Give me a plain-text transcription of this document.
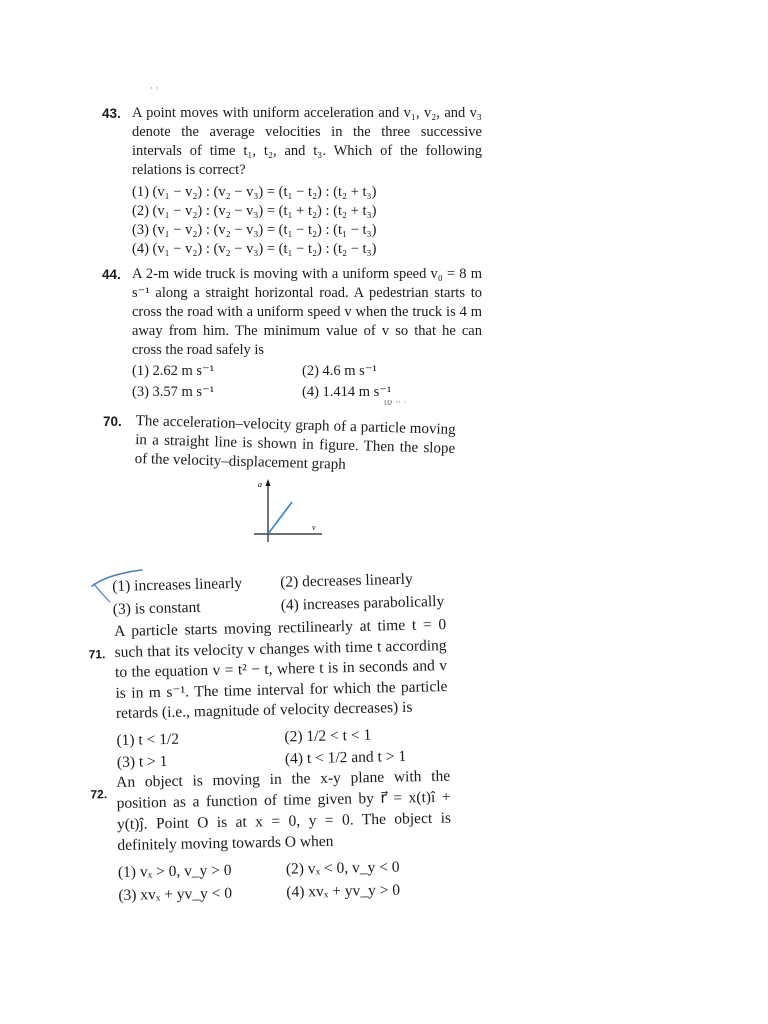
· ·
ιυ ·· ·
43. A point moves with uniform acceleration and v₁, v₂, and v₃ denote the average velocities in the three successive intervals of time t₁, t₂, and t₃. Which of the following relations is correct?
(1) (v₁ − v₂) : (v₂ − v₃) = (t₁ − t₂) : (t₂ + t₃)
(2) (v₁ − v₂) : (v₂ − v₃) = (t₁ + t₂) : (t₂ + t₃)
(3) (v₁ − v₂) : (v₂ − v₃) = (t₁ − t₂) : (t₁ − t₃)
(4) (v₁ − v₂) : (v₂ − v₃) = (t₁ − t₂) : (t₂ − t₃)
44. A 2-m wide truck is moving with a uniform speed v₀ = 8 m s⁻¹ along a straight horizontal road. A pedestrian starts to cross the road with a uniform speed v when the truck is 4 m away from him. The minimum value of v so that he can cross the road safely is
(1) 2.62 m s⁻¹	(2) 4.6 m s⁻¹
(3) 3.57 m s⁻¹	(4) 1.414 m s⁻¹
70. The acceleration–velocity graph of a particle moving in a straight line is shown in figure. Then the slope of the velocity–displacement graph
a
v
(1) increases linearly	(2) decreases linearly
(3) is constant	(4) increases parabolically
71.
A particle starts moving rectilinearly at time t = 0 such that its velocity v changes with time t according to the equation v = t² − t, where t is in seconds and v is in m s⁻¹. The time interval for which the particle retards (i.e., magnitude of velocity decreases) is
(1) t < 1/2	(2) 1/2 < t < 1
(3) t > 1	(4) t < 1/2 and t > 1
72.
An object is moving in the x-y plane with the position as a function of time given by r⃗ = x(t)î + y(t)ĵ. Point O is at x = 0, y = 0. The object is definitely moving towards O when
(1) vₓ > 0, v_y > 0	(2) vₓ < 0, v_y < 0
(3) xvₓ + yv_y < 0	(4) xvₓ + yv_y > 0
